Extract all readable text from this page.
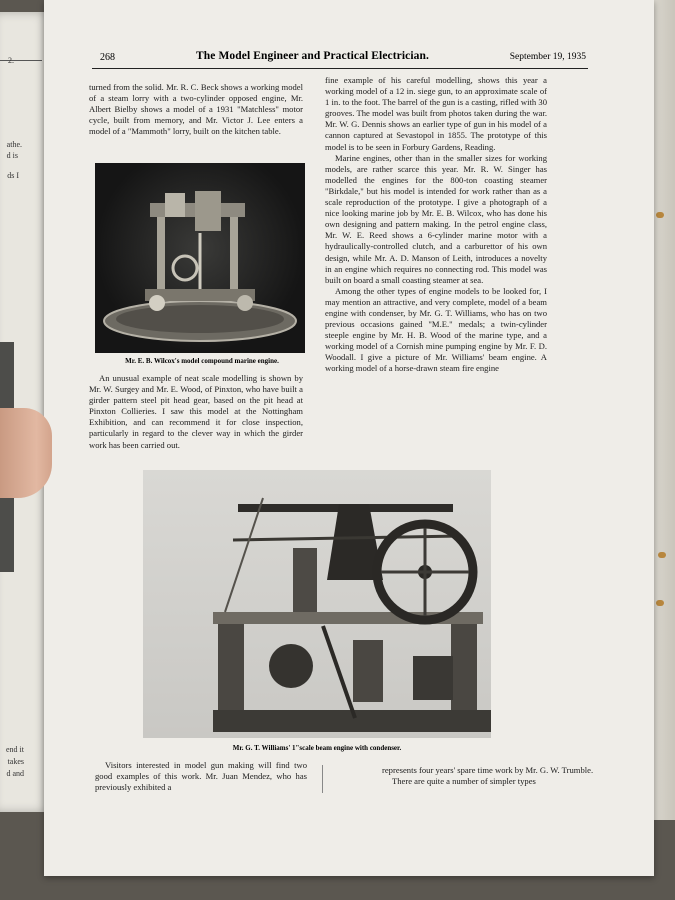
2.
athe.
d is
ds I
end it
takes
d and
268	The Model Engineer and Practical Electrician.	September 19, 1935

turned from the solid. Mr. R. C. Beck shows a working model of a steam lorry with a two-cylinder opposed engine, Mr. Albert Bielby shows a model of a 1931 "Matchless" motor cycle, built from memory, and Mr. Victor J. Lee enters a model of a "Mammoth" lorry, built on the kitchen table.

Mr. E. B. Wilcox's model compound marine engine.

An unusual example of neat scale modelling is shown by Mr. W. Surgey and Mr. E. Wood, of Pinxton, who have built a girder pattern steel pit head gear, based on the pit head at Pinxton Collieries. I saw this model at the Nottingham Exhibition, and can recommend it for close inspection, particularly in regard to the clever way in which the girder work has been carried out.

fine example of his careful modelling, shows this year a working model of a 12 in. siege gun, to an approximate scale of 1 in. to the foot. The barrel of the gun is a casting, rifled with 30 grooves. The model was built from photos taken during the war. Mr. W. G. Dennis shows an earlier type of gun in his model of a cannon captured at Sevastopol in 1855. The prototype of this model is to be seen in Forbury Gardens, Reading.

Marine engines, other than in the smaller sizes for working models, are rather scarce this year. Mr. R. W. Singer has modelled the engines for the 800-ton coasting steamer "Birkdale," but his model is intended for work rather than as a scale reproduction of the prototype. I give a photograph of a nice looking marine job by Mr. E. B. Wilcox, who has done his own designing and pattern making. In the petrol engine class, Mr. W. E. Reed shows a 6-cylinder marine motor with a hydraulically-controlled clutch, and a carburettor of his own design, while Mr. A. D. Manson of Leith, introduces a novelty in an engine which requires no connecting rod. This model was built on board a small coasting steamer at sea.

Among the other types of engine models to be looked for, I may mention an attractive, and very complete, model of a beam engine with condenser, by Mr. G. T. Williams, who has on two previous occasions gained "M.E." medals; a twin-cylinder steeple engine by Mr. H. B. Wood of the marine type, and a working model of a Cornish mine pumping engine by Mr. F. D. Woodall. I give a picture of Mr. Williams' beam engine. A working model of a horse-drawn steam fire engine

Mr. G. T. Williams' 1"scale beam engine with condenser.

Visitors interested in model gun making will find two good examples of this work. Mr. Juan Mendez, who has previously exhibited a

represents four years' spare time work by Mr. G. W. Trumble.

There are quite a number of simpler types
